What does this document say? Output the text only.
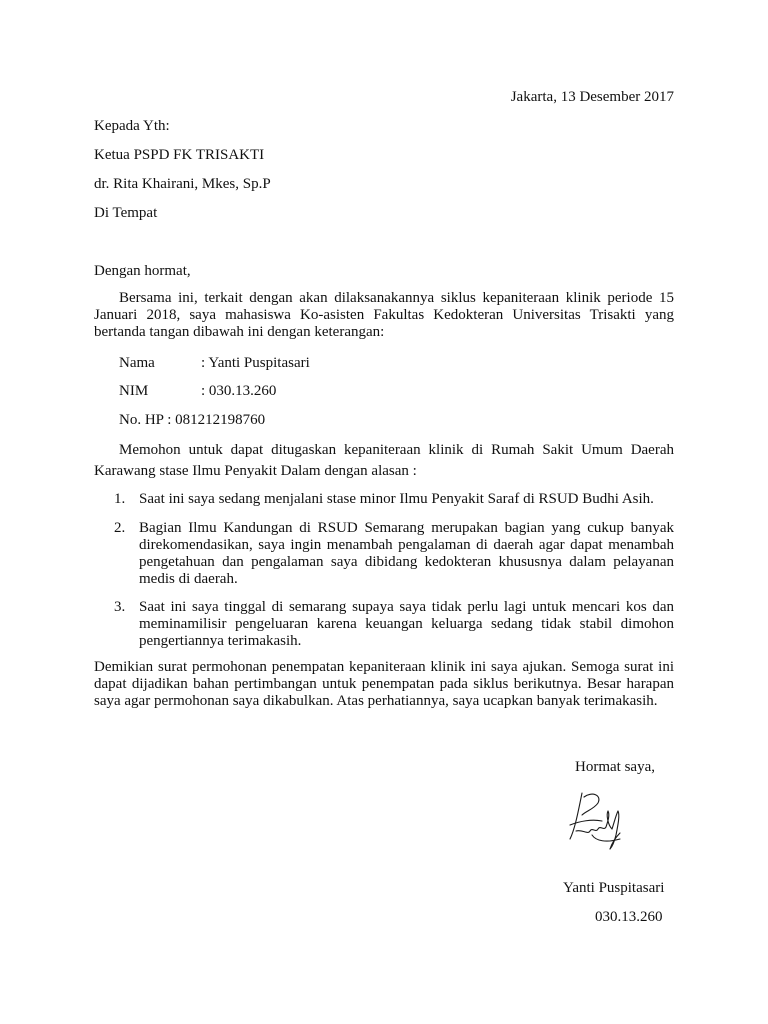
Jakarta, 13 Desember 2017
Kepada Yth:
Ketua PSPD FK TRISAKTI
dr. Rita Khairani, Mkes, Sp.P
Di Tempat
Dengan hormat,
Bersama ini, terkait dengan akan dilaksanakannya siklus kepaniteraan klinik periode 15 Januari 2018, saya mahasiswa Ko-asisten Fakultas Kedokteran Universitas Trisakti yang bertanda tangan dibawah ini dengan keterangan:
Nama	: Yanti Puspitasari
NIM	: 030.13.260
No. HP : 081212198760
Memohon untuk dapat ditugaskan kepaniteraan klinik di Rumah Sakit Umum Daerah Karawang stase Ilmu Penyakit Dalam dengan alasan :
1. Saat ini saya sedang menjalani stase minor Ilmu Penyakit Saraf di RSUD Budhi Asih.
2. Bagian Ilmu Kandungan di RSUD Semarang merupakan bagian yang cukup banyak direkomendasikan, saya ingin menambah pengalaman di daerah agar dapat menambah pengetahuan dan pengalaman saya dibidang kedokteran khususnya dalam pelayanan medis di daerah.
3. Saat ini saya tinggal di semarang supaya saya tidak perlu lagi untuk mencari kos dan meminamilisir pengeluaran karena keuangan keluarga sedang tidak stabil dimohon pengertiannya terimakasih.
Demikian surat permohonan penempatan kepaniteraan klinik ini saya ajukan. Semoga surat ini dapat dijadikan bahan pertimbangan untuk penempatan pada siklus berikutnya. Besar harapan saya agar permohonan saya dikabulkan. Atas perhatiannya, saya ucapkan banyak terimakasih.
Hormat saya,
Yanti Puspitasari
030.13.260
